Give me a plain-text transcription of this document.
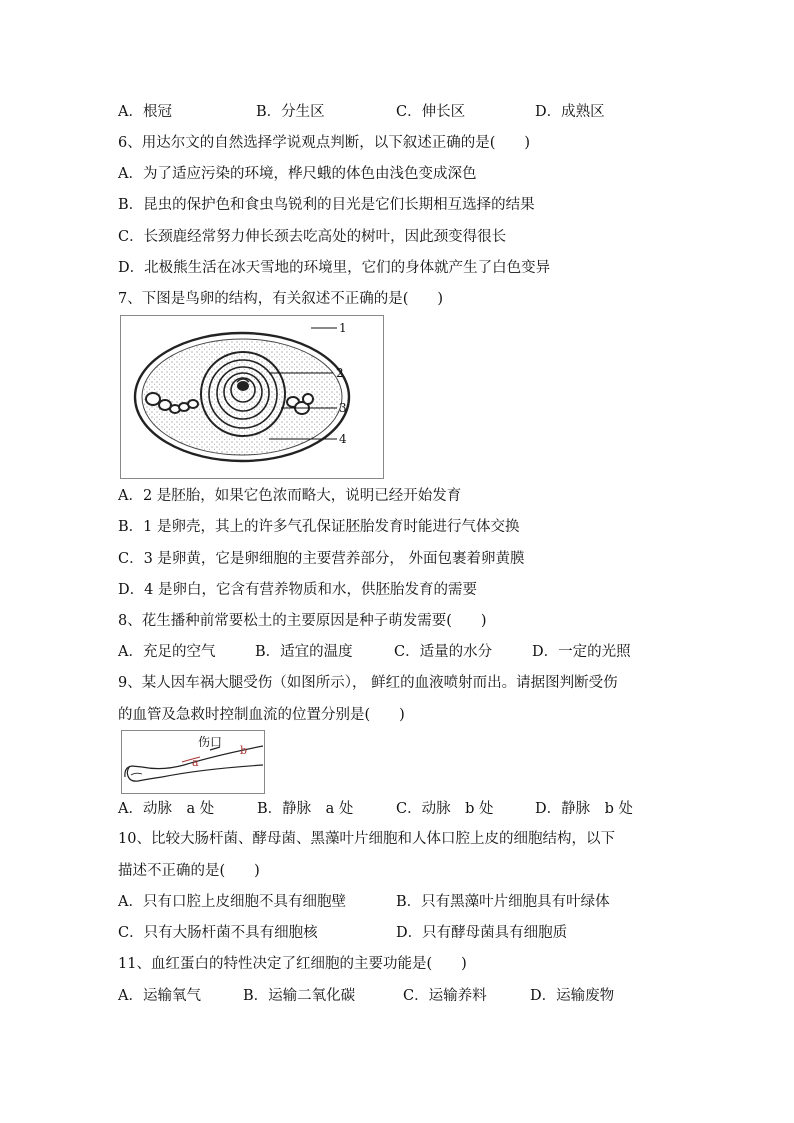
A．根冠	B．分生区	C．伸长区	D．成熟区
6、用达尔文的自然选择学说观点判断，以下叙述正确的是(　　)
A．为了适应污染的环境，桦尺蛾的体色由浅色变成深色
B．昆虫的保护色和食虫鸟锐利的目光是它们长期相互选择的结果
C．长颈鹿经常努力伸长颈去吃高处的树叶，因此颈变得很长
D．北极熊生活在冰天雪地的环境里，它们的身体就产生了白色变异
7、下图是鸟卵的结构，有关叙述不正确的是(　　)
1
2
3
4
A．2 是胚胎，如果它色浓而略大，说明已经开始发育
B．1 是卵壳，其上的许多气孔保证胚胎发育时能进行气体交换
C．3 是卵黄，它是卵细胞的主要营养部分， 外面包裹着卵黄膜
D．4 是卵白，它含有营养物质和水，供胚胎发育的需要
8、花生播种前常要松土的主要原因是种子萌发需要(　　)
A．充足的空气	B．适宜的温度	C．适量的水分	D．一定的光照
9、某人因车祸大腿受伤（如图所示）， 鲜红的血液喷射而出。请据图判断受伤
的血管及急救时控制血流的位置分别是(　　)
伤口
a
b
A．动脉　a 处	B．静脉　a 处	C．动脉　b 处	D．静脉　b 处
10、比较大肠杆菌、酵母菌、黑藻叶片细胞和人体口腔上皮的细胞结构，以下
描述不正确的是(　　)
A．只有口腔上皮细胞不具有细胞壁	B．只有黑藻叶片细胞具有叶绿体
C．只有大肠杆菌不具有细胞核	D．只有酵母菌具有细胞质
11、血红蛋白的特性决定了红细胞的主要功能是(　　)
A．运输氧气	B．运输二氧化碳	C．运输养料	D．运输废物
